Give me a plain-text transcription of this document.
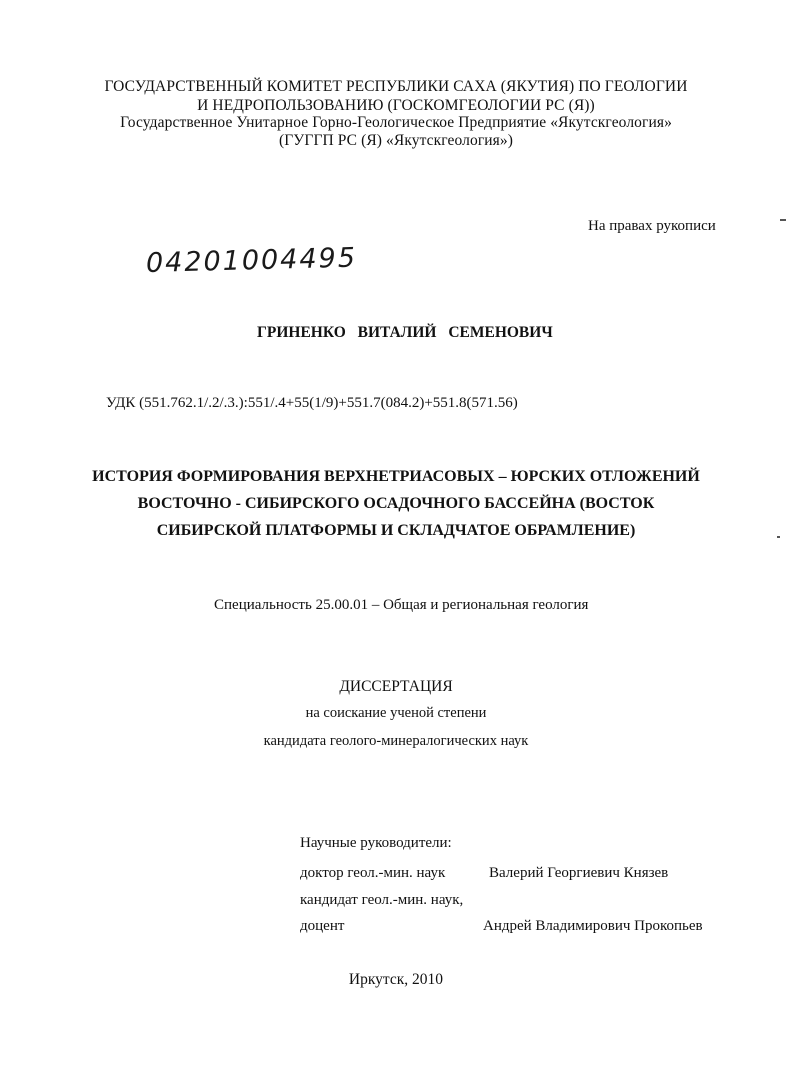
ГОСУДАРСТВЕННЫЙ КОМИТЕТ РЕСПУБЛИКИ САХА (ЯКУТИЯ) ПО ГЕОЛОГИИ
И НЕДРОПОЛЬЗОВАНИЮ (ГОСКОМГЕОЛОГИИ РС (Я))
Государственное Унитарное Горно-Геологическое Предприятие «Якутскгеология»
(ГУГГП РС (Я) «Якутскгеология»)
На правах рукописи
04201004495
ГРИНЕНКО ВИТАЛИЙ СЕМЕНОВИЧ
УДК (551.762.1/.2/.3.):551/.4+55(1/9)+551.7(084.2)+551.8(571.56)
ИСТОРИЯ ФОРМИРОВАНИЯ ВЕРХНЕТРИАСОВЫХ – ЮРСКИХ ОТЛОЖЕНИЙ
ВОСТОЧНО - СИБИРСКОГО ОСАДОЧНОГО БАССЕЙНА (ВОСТОК
СИБИРСКОЙ ПЛАТФОРМЫ И СКЛАДЧАТОЕ ОБРАМЛЕНИЕ)
Специальность 25.00.01 – Общая и региональная геология
ДИССЕРТАЦИЯ
на соискание ученой степени
кандидата геолого-минералогических наук
Научные руководители:
доктор геол.-мин. наук	Валерий Георгиевич Князев
кандидат геол.-мин. наук,
доцент	Андрей Владимирович Прокопьев
Иркутск, 2010
